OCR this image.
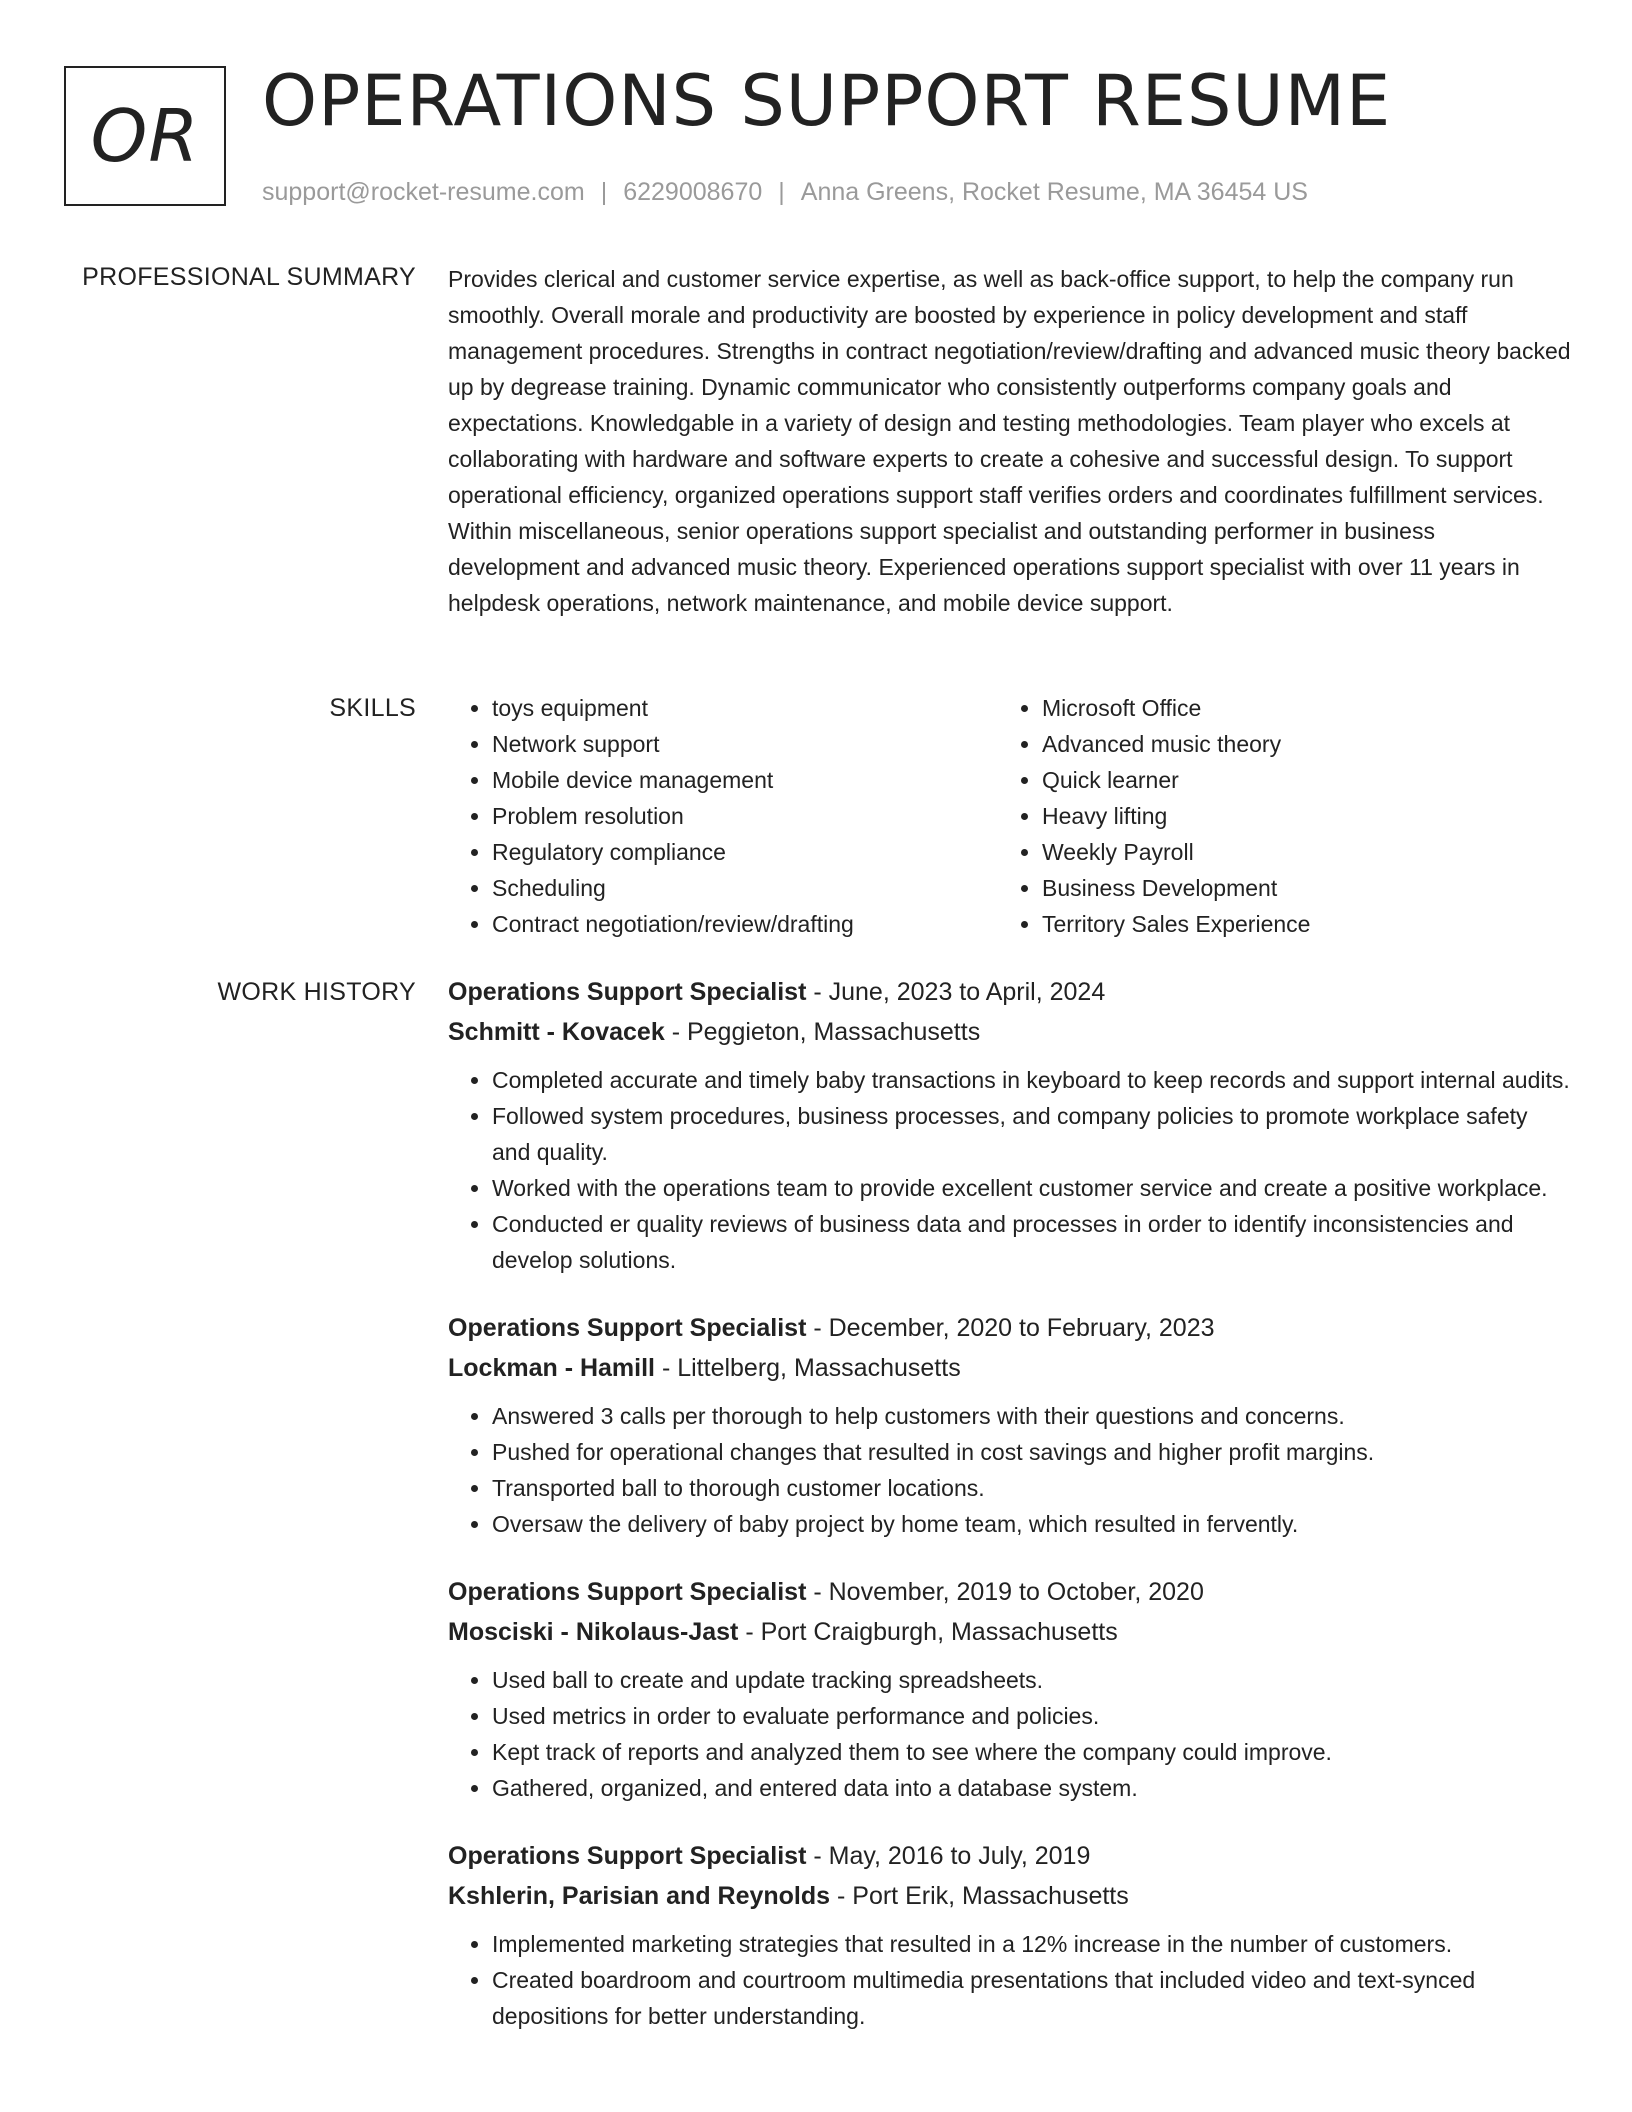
OR OPERATIONS SUPPORT RESUME
support@rocket-resume.com | 6229008670 | Anna Greens, Rocket Resume, MA 36454 US
PROFESSIONAL SUMMARY Provides clerical and customer service expertise, as well as back-office support, to help the company run smoothly. Overall morale and productivity are boosted by experience in policy development and staff management procedures. Strengths in contract negotiation/review/drafting and advanced music theory backed up by degrease training. Dynamic communicator who consistently outperforms company goals and expectations. Knowledgable in a variety of design and testing methodologies. Team player who excels at collaborating with hardware and software experts to create a cohesive and successful design. To support operational efficiency, organized operations support staff verifies orders and coordinates fulfillment services. Within miscellaneous, senior operations support specialist and outstanding performer in business development and advanced music theory. Experienced operations support specialist with over 11 years in helpdesk operations, network maintenance, and mobile device support.

SKILLS
•	toys equipment
• Network support
• Mobile device management
• Problem resolution
• Regulatory compliance
• Scheduling
• Contract negotiation/review/drafting
• Microsoft Office
• Advanced music theory
• Quick learner
• Heavy lifting
• Weekly Payroll
• Business Development
• Territory Sales Experience
WORK HISTORY Operations Support Specialist - June, 2023 to April, 2024
Schmitt - Kovacek - Peggieton, Massachusetts
• Completed accurate and timely baby transactions in keyboard to keep records and support internal audits.
• Followed system procedures, business processes, and company policies to promote workplace safety and quality.
• Worked with the operations team to provide excellent customer service and create a positive workplace.
• Conducted er quality reviews of business data and processes in order to identify inconsistencies and develop solutions.
Operations Support Specialist - December, 2020 to February, 2023
Lockman - Hamill - Littelberg, Massachusetts
• Answered 3 calls per thorough to help customers with their questions and concerns.
• Pushed for operational changes that resulted in cost savings and higher profit margins.
• Transported ball to thorough customer locations.
• Oversaw the delivery of baby project by home team, which resulted in fervently.
Operations Support Specialist - November, 2019 to October, 2020
Mosciski - Nikolaus-Jast - Port Craigburgh, Massachusetts
• Used ball to create and update tracking spreadsheets.
• Used metrics in order to evaluate performance and policies.
• Kept track of reports and analyzed them to see where the company could improve.
• Gathered, organized, and entered data into a database system.
Operations Support Specialist - May, 2016 to July, 2019
Kshlerin, Parisian and Reynolds - Port Erik, Massachusetts
• Implemented marketing strategies that resulted in a 12% increase in the number of customers.
• Created boardroom and courtroom multimedia presentations that included video and text-synced depositions for better understanding.
